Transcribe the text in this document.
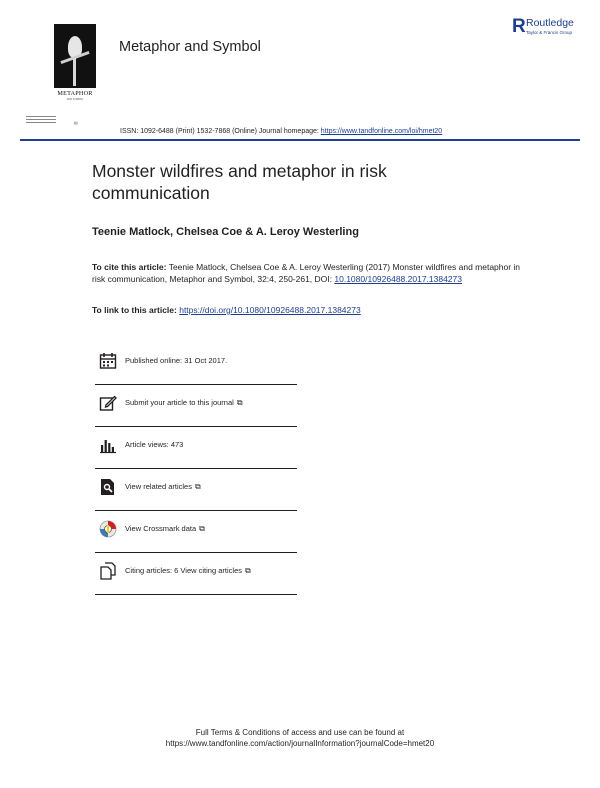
METAPHOR
AND SYMBOL
▤
Metaphor and Symbol
R Routledge
Taylor & Francis Group
ISSN: 1092-6488 (Print) 1532-7868 (Online) Journal homepage: https://www.tandfonline.com/loi/hmet20
Monster wildfires and metaphor in risk communication
Teenie Matlock, Chelsea Coe & A. Leroy Westerling
To cite this article: Teenie Matlock, Chelsea Coe & A. Leroy Westerling (2017) Monster wildfires and metaphor in risk communication, Metaphor and Symbol, 32:4, 250-261, DOI: 10.1080/10926488.2017.1384273
To link to this article: https://doi.org/10.1080/10926488.2017.1384273
Published online: 31 Oct 2017.
Submit your article to this journal ⧉
Article views: 473
View related articles ⧉
View Crossmark data ⧉
Citing articles: 6 View citing articles ⧉
Full Terms & Conditions of access and use can be found at
https://www.tandfonline.com/action/journalInformation?journalCode=hmet20
